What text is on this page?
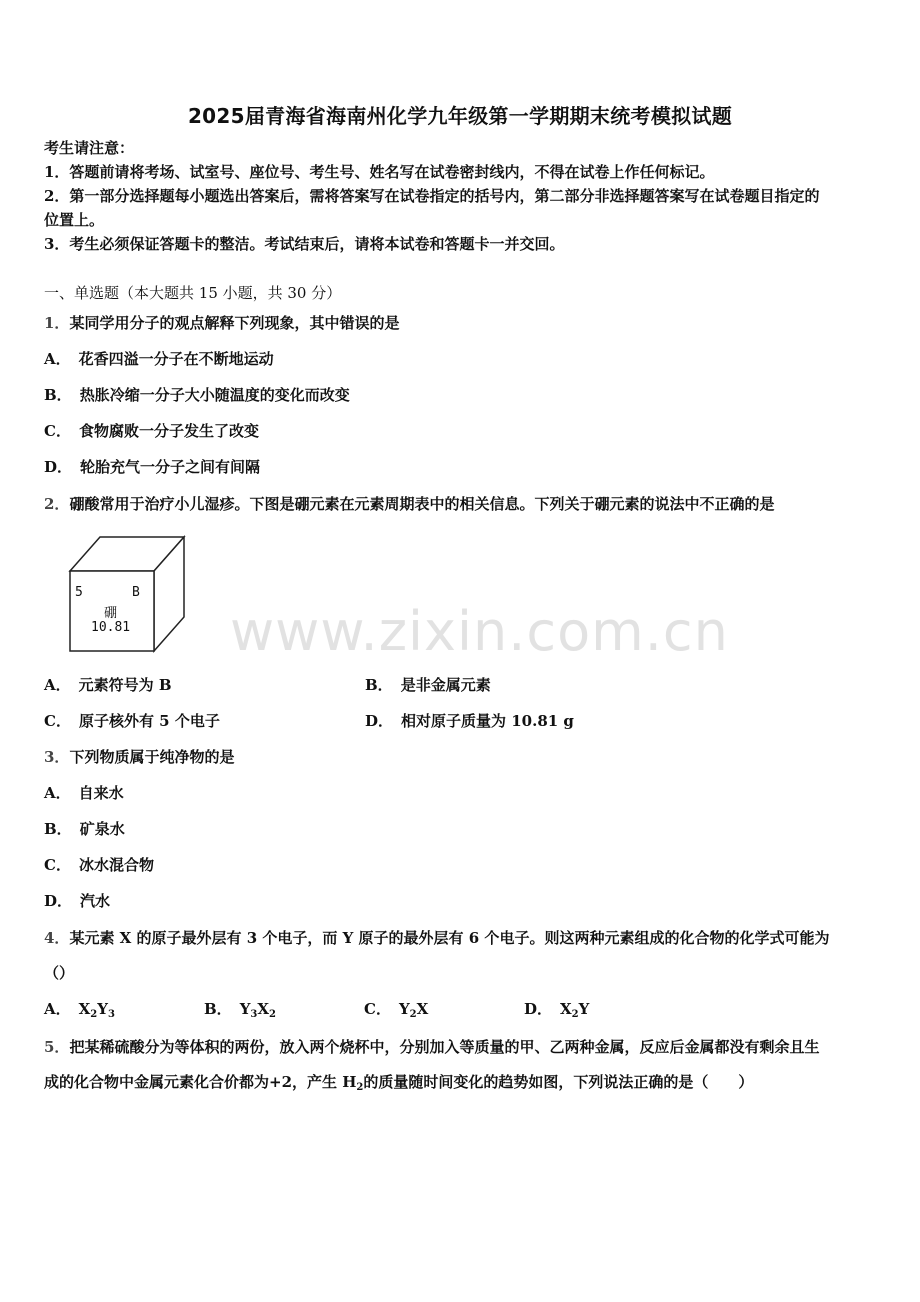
2025届青海省海南州化学九年级第一学期期末统考模拟试题
考生请注意：
1．答题前请将考场、试室号、座位号、考生号、姓名写在试卷密封线内，不得在试卷上作任何标记。
2．第一部分选择题每小题选出答案后，需将答案写在试卷指定的括号内，第二部分非选择题答案写在试卷题目指定的
位置上。
3．考生必须保证答题卡的整洁。考试结束后，请将本试卷和答题卡一并交回。
一、单选题（本大题共 15 小题，共 30 分）
1．某同学用分子的观点解释下列现象，其中错误的是
A． 花香四溢一分子在不断地运动
B． 热胀冷缩一分子大小随温度的变化而改变
C． 食物腐败一分子发生了改变
D． 轮胎充气一分子之间有间隔
2．硼酸常用于治疗小儿湿疹。下图是硼元素在元素周期表中的相关信息。下列关于硼元素的说法中不正确的是
5	B
硼
10.81 www.zixin.com.cn
A． 元素符号为 B	B． 是非金属元素
C． 原子核外有 5 个电子	D． 相对原子质量为 10.81 g
3．下列物质属于纯净物的是
A． 自来水
B． 矿泉水
C． 冰水混合物
D． 汽水
4．某元素 X 的原子最外层有 3 个电子，而 Y 原子的最外层有 6 个电子。则这两种元素组成的化合物的化学式可能为
（）
A． $X_2Y_3$	B． $Y_3X_2$	C． $Y_2X$	D． $X_2Y$
5．把某稀硫酸分为等体积的两份，放入两个烧杯中，分别加入等质量的甲、乙两种金属，反应后金属都没有剩余且生
成的化合物中金属元素化合价都为+2，产生 $H_2$的质量随时间变化的趋势如图，下列说法正确的是（　　）
